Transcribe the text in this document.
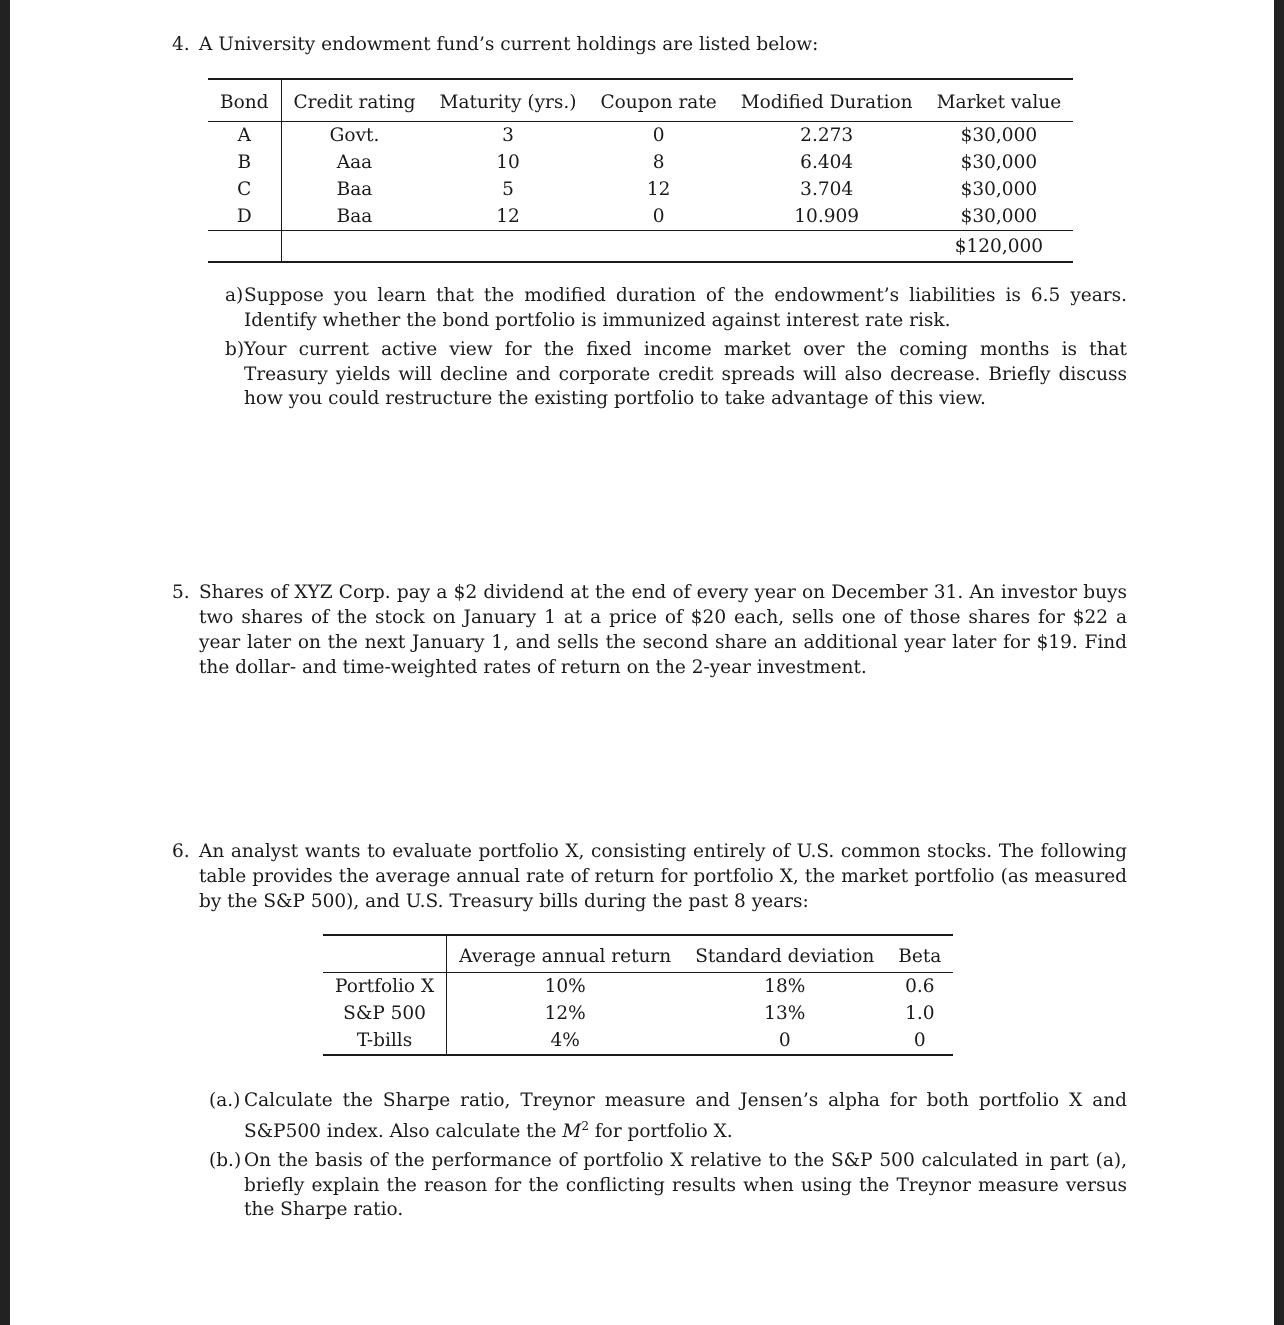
4. A University endowment fund’s current holdings are listed below:
Bond	Credit rating	Maturity (yrs.)	Coupon rate	Modified Duration	Market value
A	Govt.	3	0	2.273	$30,000
B	Aaa	10	8	6.404	$30,000
C	Baa	5	12	3.704	$30,000
D	Baa	12	0	10.909	$30,000
					$120,000
a) Suppose you learn that the modified duration of the endowment’s liabilities is 6.5 years. Identify whether the bond portfolio is immunized against interest rate risk.
b) Your current active view for the fixed income market over the coming months is that Treasury yields will decline and corporate credit spreads will also decrease. Briefly discuss how you could restructure the existing portfolio to take advantage of this view.
5. Shares of XYZ Corp. pay a $2 dividend at the end of every year on December 31. An investor buys two shares of the stock on January 1 at a price of $20 each, sells one of those shares for $22 a year later on the next January 1, and sells the second share an additional year later for $19. Find the dollar- and time-weighted rates of return on the 2-year investment.
6. An analyst wants to evaluate portfolio X, consisting entirely of U.S. common stocks. The following table provides the average annual rate of return for portfolio X, the market portfolio (as measured by the S&P 500), and U.S. Treasury bills during the past 8 years:
	Average annual return	Standard deviation	Beta
Portfolio X	10%	18%	0.6
S&P 500	12%	13%	1.0
T-bills	4%	0	0
(a.) Calculate the Sharpe ratio, Treynor measure and Jensen’s alpha for both portfolio X and S&P500 index. Also calculate the $M^2$ for portfolio X.
(b.) On the basis of the performance of portfolio X relative to the S&P 500 calculated in part (a), briefly explain the reason for the conflicting results when using the Treynor measure versus the Sharpe ratio.
